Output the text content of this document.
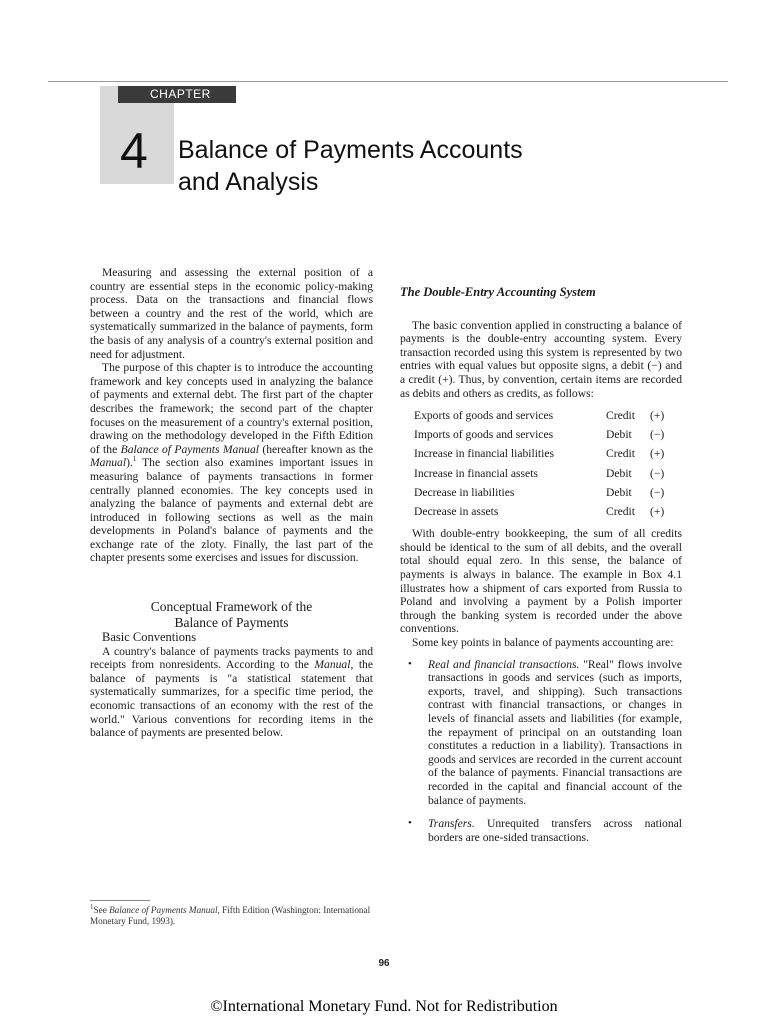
CHAPTER
4 Balance of Payments Accounts
and Analysis

Measuring and assessing the external position of a country are essential steps in the economic policy-making process. Data on the transactions and financial flows between a country and the rest of the world, which are systematically summarized in the balance of payments, form the basis of any analysis of a country's external position and need for adjustment.

The purpose of this chapter is to introduce the accounting framework and key concepts used in analyzing the balance of payments and external debt. The first part of the chapter describes the framework; the second part of the chapter focuses on the measurement of a country's external position, drawing on the methodology developed in the Fifth Edition of the Balance of Payments Manual (hereafter known as the Manual).$^1$ The section also examines important issues in measuring balance of payments transactions in former centrally planned economies. The key concepts used in analyzing the balance of payments and external debt are introduced in following sections as well as the main developments in Poland's balance of payments and the exchange rate of the zloty. Finally, the last part of the chapter presents some exercises and issues for discussion.

Conceptual Framework of the
Balance of Payments

Basic Conventions

A country's balance of payments tracks payments to and receipts from nonresidents. According to the Manual, the balance of payments is "a statistical statement that systematically summarizes, for a specific time period, the economic transactions of an economy with the rest of the world." Various conventions for recording items in the balance of payments are presented below.

$^1$See Balance of Payments Manual, Fifth Edition (Washington: International Monetary Fund, 1993).
The Double-Entry Accounting System

The basic convention applied in constructing a balance of payments is the double-entry accounting system. Every transaction recorded using this system is represented by two entries with equal values but opposite signs, a debit (−) and a credit (+). Thus, by convention, certain items are recorded as debits and others as credits, as follows:

Exports of goods and services	Credit	(+)
Imports of goods and services	Debit	(−)
Increase in financial liabilities	Credit	(+)
Increase in financial assets	Debit	(−)
Decrease in liabilities	Debit	(−)
Decrease in assets	Credit	(+)

With double-entry bookkeeping, the sum of all credits should be identical to the sum of all debits, and the overall total should equal zero. In this sense, the balance of payments is always in balance. The example in Box 4.1 illustrates how a shipment of cars exported from Russia to Poland and involving a payment by a Polish importer through the banking system is recorded under the above conventions.

Some key points in balance of payments accounting are:

• Real and financial transactions. "Real" flows involve transactions in goods and services (such as imports, exports, travel, and shipping). Such transactions contrast with financial transactions, or changes in levels of financial assets and liabilities (for example, the repayment of principal on an outstanding loan constitutes a reduction in a liability). Transactions in goods and services are recorded in the current account of the balance of payments. Financial transactions are recorded in the capital and financial account of the balance of payments.
• Transfers. Unrequited transfers across national borders are one-sided transactions.
96
©International Monetary Fund. Not for Redistribution
